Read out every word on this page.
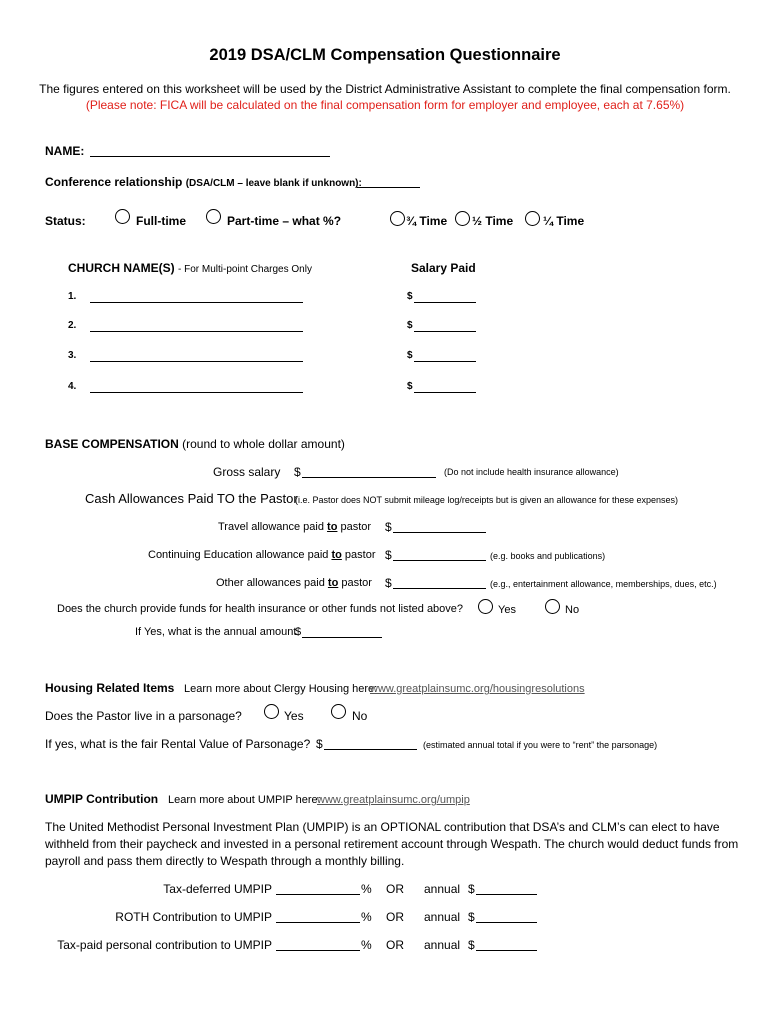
2019 DSA/CLM Compensation Questionnaire
The figures entered on this worksheet will be used by the District Administrative Assistant to complete the final compensation form.
(Please note: FICA will be calculated on the final compensation form for employer and employee, each at 7.65%)
NAME:
Conference relationship (DSA/CLM – leave blank if unknown):
Status:	Full-time	Part-time – what %?	¾ Time ½ Time ¼ Time
CHURCH NAME(S) - For Multi-point Charges Only	Salary Paid
1.	$
2.	$
3.	$
4.	$
BASE COMPENSATION (round to whole dollar amount)
Gross salary $	(Do not include health insurance allowance)
Cash Allowances Paid TO the Pastor
(i.e. Pastor does NOT submit mileage log/receipts but is given an allowance for these expenses)
Travel allowance paid to pastor $
Continuing Education allowance paid to pastor $	(e.g. books and publications)
Other allowances paid to pastor $	(e.g., entertainment allowance, memberships, dues, etc.)
Does the church provide funds for health insurance or other funds not listed above?	Yes	No
If Yes, what is the annual amount
$
Housing Related Items Learn more about Clergy Housing here:
www.greatplainsumc.org/housingresolutions
Does the Pastor live in a parsonage?	Yes	No
If yes, what is the fair Rental Value of Parsonage? $	(estimated annual total if you were to “rent” the parsonage)
UMPIP Contribution Learn more about UMPIP here:
www.greatplainsumc.org/umpip
The United Methodist Personal Investment Plan (UMPIP) is an OPTIONAL contribution that DSA’s and CLM’s can elect to have
withheld from their paycheck and invested in a personal retirement account through Wespath. The church would deduct funds from
payroll and pass them directly to Wespath through a monthly billing.
Tax-deferred UMPIP	% OR annual $
ROTH Contribution to UMPIP	% OR annual $
Tax-paid personal contribution to UMPIP	% OR annual $
